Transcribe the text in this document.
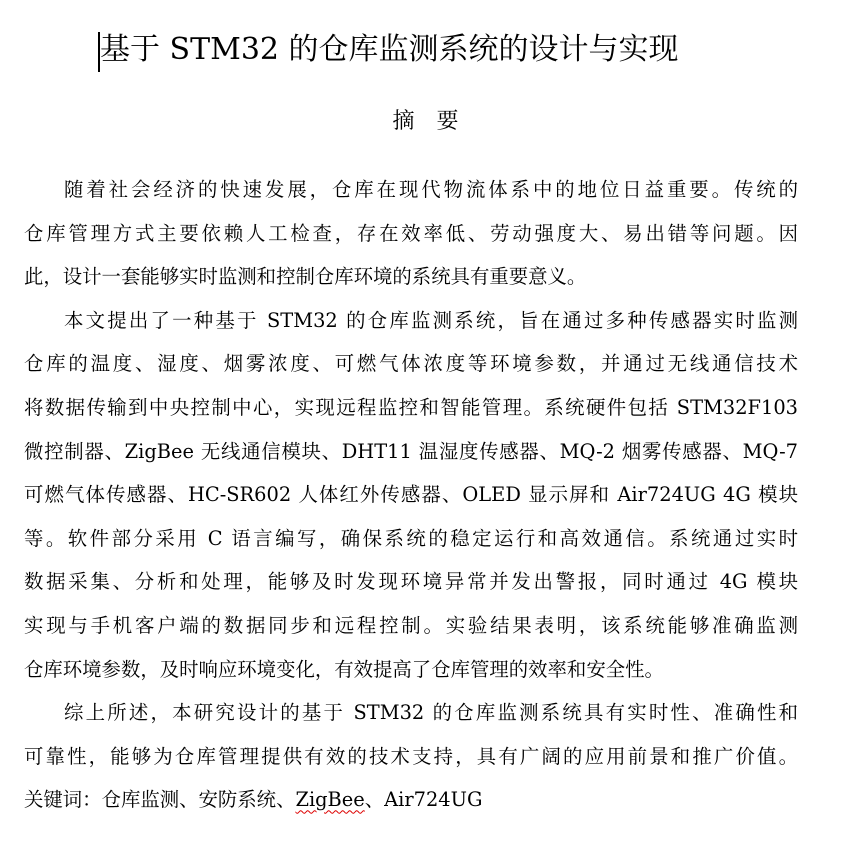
基于 STM32 的仓库监测系统的设计与实现
摘要
随着社会经济的快速发展，仓库在现代物流体系中的地位日益重要。传统的
仓库管理方式主要依赖人工检查，存在效率低、劳动强度大、易出错等问题。因
此，设计一套能够实时监测和控制仓库环境的系统具有重要意义。
本文提出了一种基于 STM32 的仓库监测系统，旨在通过多种传感器实时监测
仓库的温度、湿度、烟雾浓度、可燃气体浓度等环境参数，并通过无线通信技术
将数据传输到中央控制中心，实现远程监控和智能管理。系统硬件包括 STM32F103
微控制器、ZigBee 无线通信模块、DHT11 温湿度传感器、MQ-2 烟雾传感器、MQ-7
可燃气体传感器、HC-SR602 人体红外传感器、OLED 显示屏和 Air724UG 4G 模块
等。软件部分采用 C 语言编写，确保系统的稳定运行和高效通信。系统通过实时
数据采集、分析和处理，能够及时发现环境异常并发出警报，同时通过 4G 模块
实现与手机客户端的数据同步和远程控制。实验结果表明，该系统能够准确监测
仓库环境参数，及时响应环境变化，有效提高了仓库管理的效率和安全性。
综上所述，本研究设计的基于 STM32 的仓库监测系统具有实时性、准确性和
可靠性，能够为仓库管理提供有效的技术支持，具有广阔的应用前景和推广价值。
关键词：仓库监测、安防系统、ZigBee、Air724UG
